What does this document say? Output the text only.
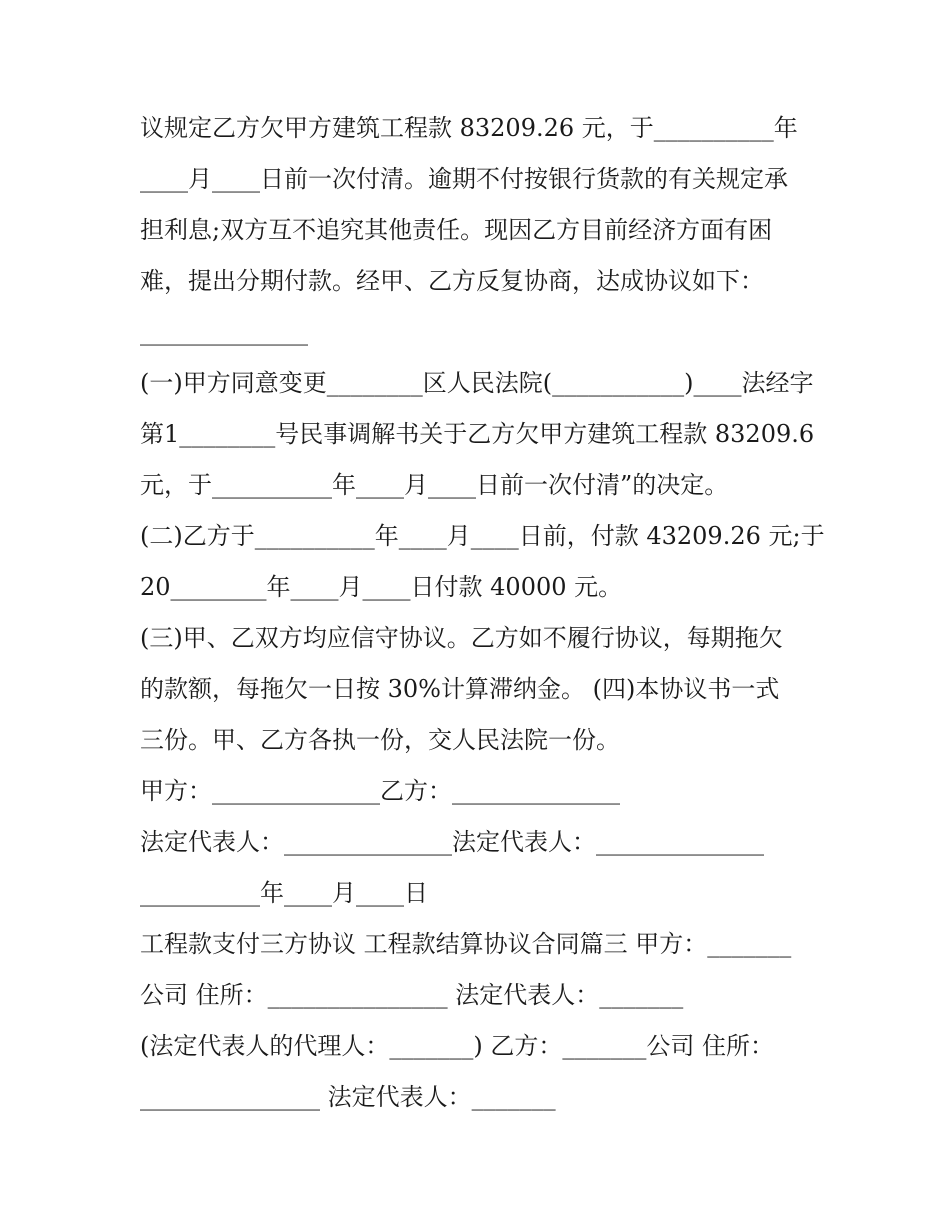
议规定乙方欠甲方建筑工程款 83209.26 元，于__________年
____月____日前一次付清。逾期不付按银行货款的有关规定承
担利息;双方互不追究其他责任。现因乙方目前经济方面有困
难，提出分期付款。经甲、乙方反复协商，达成协议如下：
______________
(一)甲方同意变更________区人民法院(___________)____法经字
第1________号民事调解书关于乙方欠甲方建筑工程款 83209.6
元，于__________年____月____日前一次付清”的决定。
(二)乙方于__________年____月____日前，付款 43209.26 元;于
20________年____月____日付款 40000 元。
(三)甲、乙双方均应信守协议。乙方如不履行协议，每期拖欠
的款额，每拖欠一日按 30%计算滞纳金。 (四)本协议书一式
三份。甲、乙方各执一份，交人民法院一份。
甲方：______________乙方：______________
法定代表人：______________法定代表人：______________
__________年____月____日
工程款支付三方协议 工程款结算协议合同篇三 甲方：_______
公司 住所：_______________ 法定代表人：_______
(法定代表人的代理人：_______) 乙方：_______公司 住所：
_______________ 法定代表人：_______
